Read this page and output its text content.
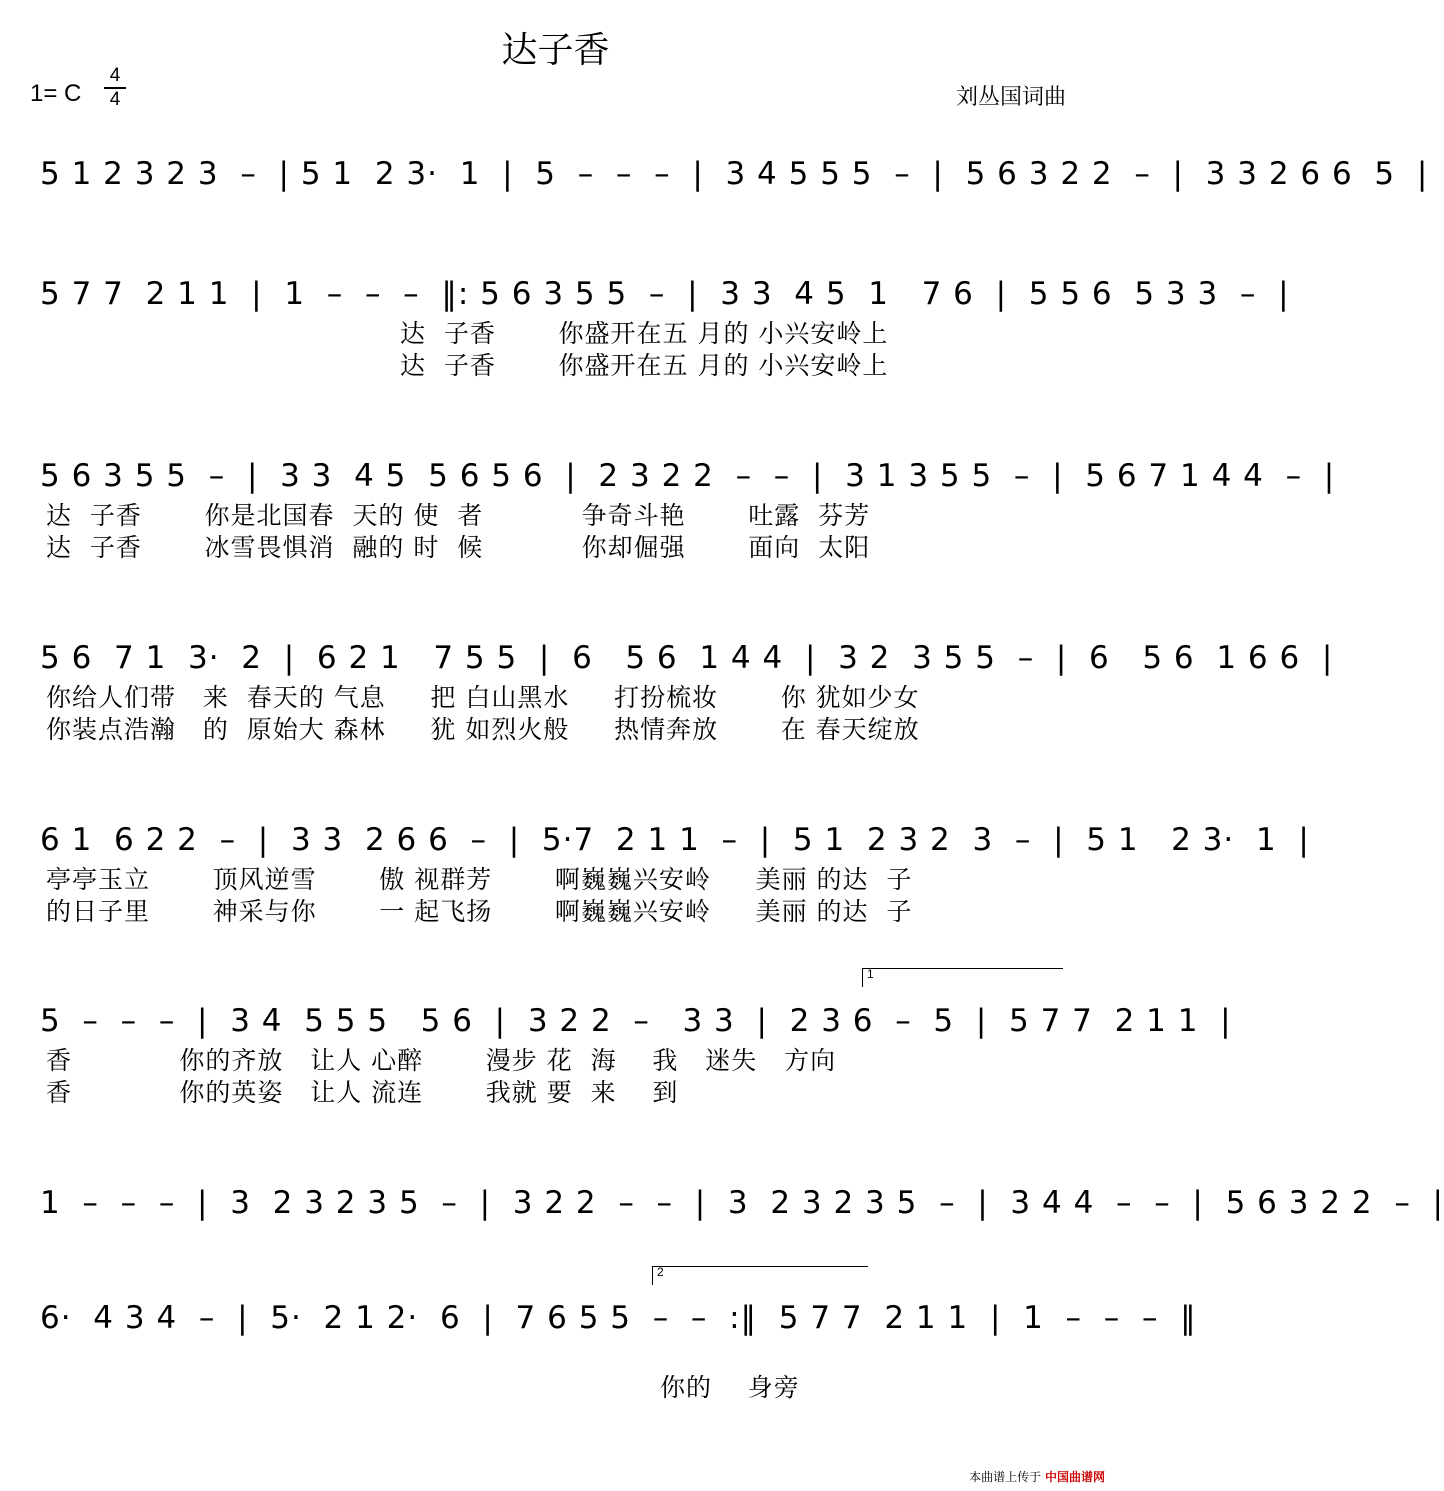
达子香
1= C
4
4	刘丛国词曲
5 1 2 3 2 3  –  | 5 1  2 3·  1  |  5  –  –  –  |  3 4 5 5 5  –  |  5 6 3 2 2  –  |  3 3 2 6 6  5  |
5 7 7  2 1 1  |  1  –  –  –  ‖: 5 6 3 5 5  –  |  3 3  4 5  1   7 6  |  5 5 6  5 3 3  –  |
达  子香       你盛开在五 月的 小兴安岭上
达  子香       你盛开在五 月的 小兴安岭上
5 6 3 5 5  –  |  3 3  4 5  5 6 5 6  |  2 3 2 2  –  –  |  3 1 3 5 5  –  |  5 6 7 1 4 4  –  |
达  子香       你是北国春  天的 使  者           争奇斗艳       吐露  芬芳
达  子香       冰雪畏惧消  融的 时  候           你却倔强       面向  太阳
5 6  7 1  3·  2  |  6 2 1   7 5 5  |  6   5 6  1 4 4  |  3 2  3 5 5  –  |  6   5 6  1 6 6  |
你给人们带   来  春天的 气息     把 白山黑水     打扮梳妆       你 犹如少女
你装点浩瀚   的  原始大 森林     犹 如烈火般     热情奔放       在 春天绽放
6 1  6 2 2  –  |  3 3  2 6 6  –  |  5·7  2 1 1  –  |  5 1  2 3 2  3  –  |  5 1   2 3·  1  |
亭亭玉立       顶风逆雪       傲 视群芳       啊巍巍兴安岭     美丽 的达  子
的日子里       神采与你       一 起飞扬       啊巍巍兴安岭     美丽 的达  子
1
5  –  –  –  |  3 4  5 5 5   5 6  |  3 2 2  –   3 3  |  2 3 6  –  5  |  5 7 7  2 1 1  |
香            你的齐放   让人 心醉       漫步 花  海    我   迷失   方向
香            你的英姿   让人 流连       我就 要  来    到
1  –  –  –  |  3  2 3 2 3 5  –  |  3 2 2  –  –  |  3  2 3 2 3 5  –  |  3 4 4  –  –  |  5 6 3 2 2  –  |
2
6·  4 3 4  –  |  5·  2 1 2·  6  |  7 6 5 5  –  –  :‖  5 7 7  2 1 1  |  1  –  –  –  ‖
你的    身旁
本曲谱上传于 中国曲谱网
